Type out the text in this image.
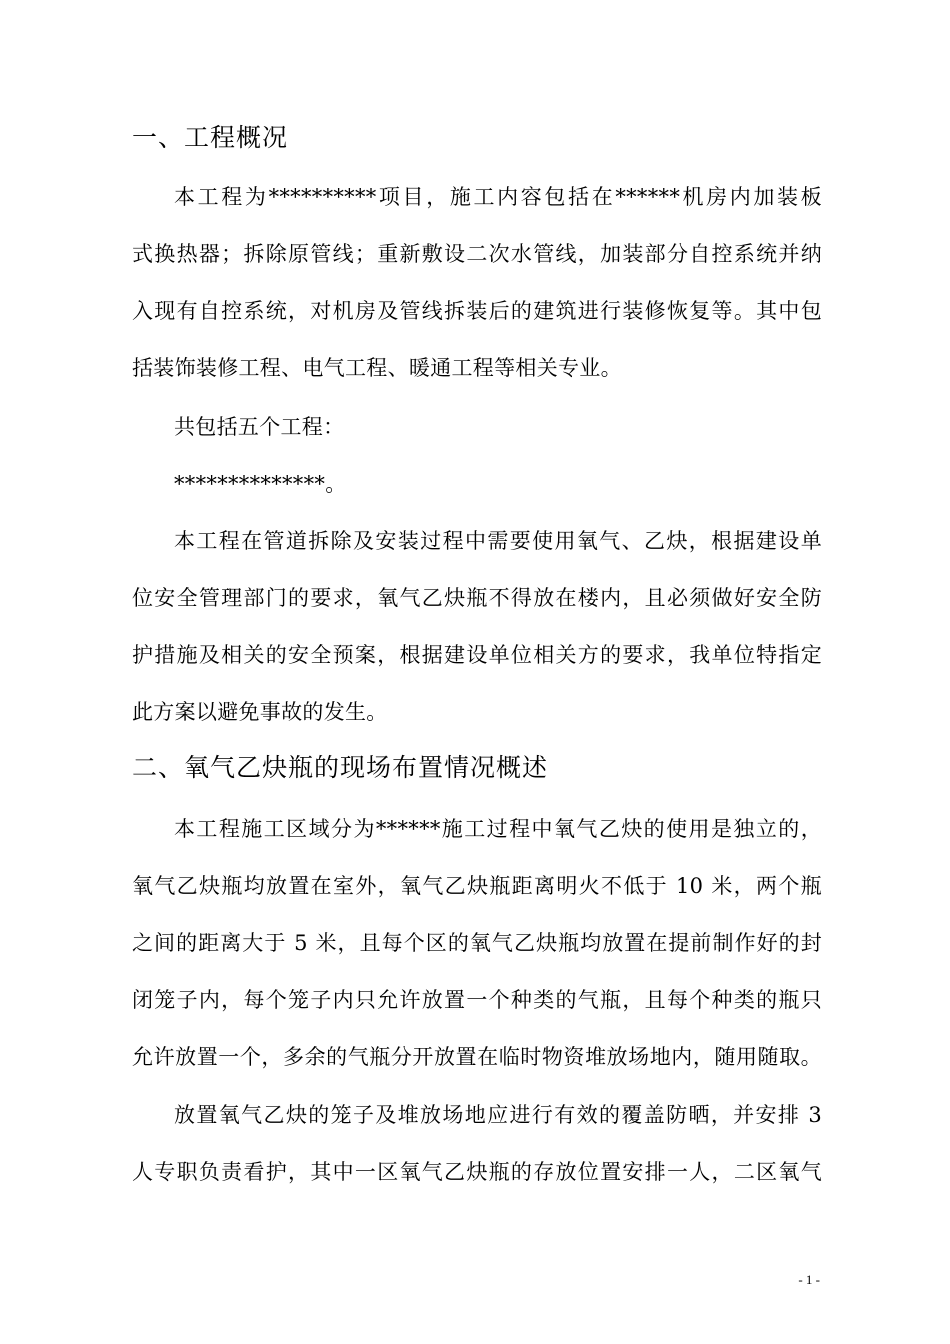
一、工程概况
本工程为**********项目，施工内容包括在******机房内加装板
式换热器；拆除原管线；重新敷设二次水管线，加装部分自控系统并纳
入现有自控系统，对机房及管线拆装后的建筑进行装修恢复等。其中包
括装饰装修工程、电气工程、暖通工程等相关专业。
共包括五个工程：
**************。
本工程在管道拆除及安装过程中需要使用氧气、乙炔，根据建设单
位安全管理部门的要求，氧气乙炔瓶不得放在楼内，且必须做好安全防
护措施及相关的安全预案，根据建设单位相关方的要求，我单位特指定
此方案以避免事故的发生。
二、氧气乙炔瓶的现场布置情况概述
本工程施工区域分为******施工过程中氧气乙炔的使用是独立的，
氧气乙炔瓶均放置在室外，氧气乙炔瓶距离明火不低于 10 米，两个瓶
之间的距离大于 5 米，且每个区的氧气乙炔瓶均放置在提前制作好的封
闭笼子内，每个笼子内只允许放置一个种类的气瓶，且每个种类的瓶只
允许放置一个，多余的气瓶分开放置在临时物资堆放场地内，随用随取。
放置氧气乙炔的笼子及堆放场地应进行有效的覆盖防晒，并安排 3
人专职负责看护，其中一区氧气乙炔瓶的存放位置安排一人，二区氧气
- 1 -
